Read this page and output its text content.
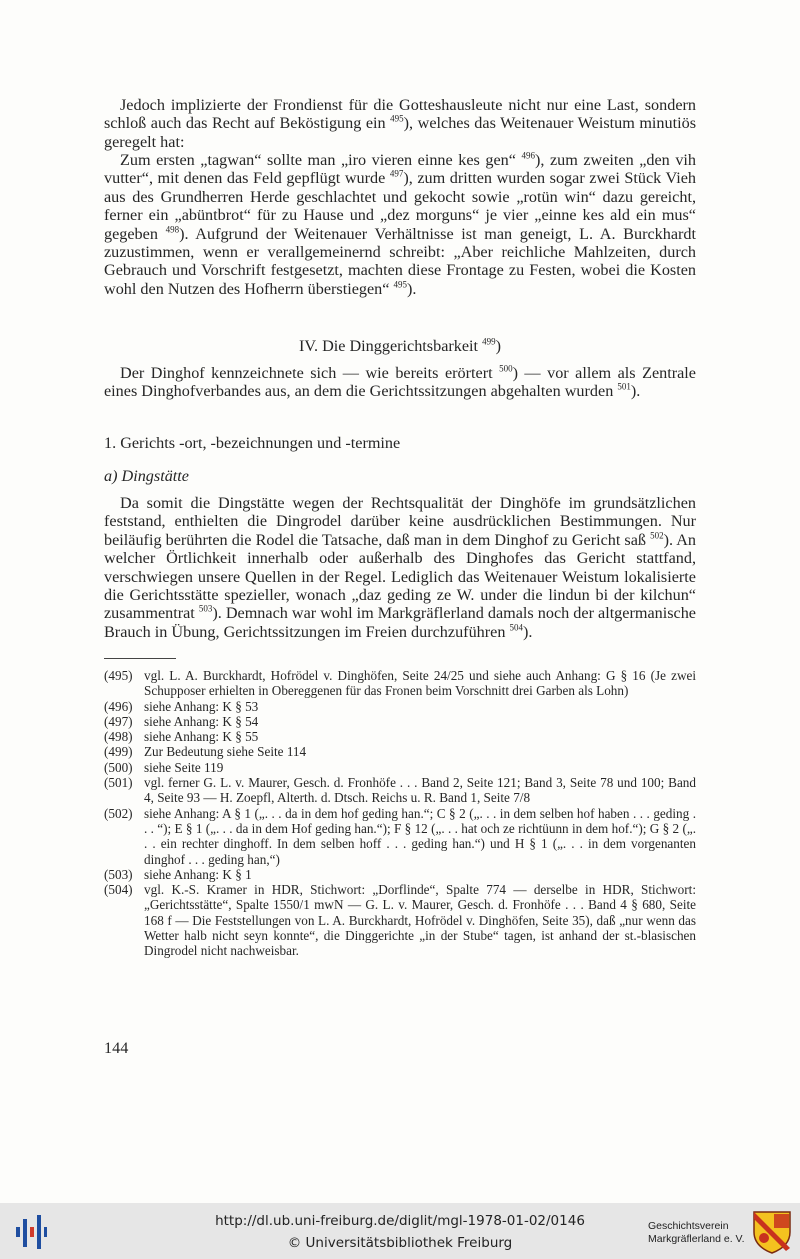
Jedoch implizierte der Frondienst für die Gotteshausleute nicht nur eine Last, sondern schloß auch das Recht auf Beköstigung ein $^{495}$), welches das Weitenauer Weistum minutiös geregelt hat:

Zum ersten „tagwan“ sollte man „iro vieren einne kes gen“ $^{496}$), zum zweiten „den vih vutter“, mit denen das Feld gepflügt wurde $^{497}$), zum dritten wurden sogar zwei Stück Vieh aus des Grundherren Herde geschlachtet und gekocht sowie „rotün win“ dazu gereicht, ferner ein „abüntbrot“ für zu Hause und „dez morguns“ je vier „einne kes ald ein mus“ gegeben $^{498}$). Aufgrund der Weitenauer Verhältnisse ist man geneigt, L. A. Burckhardt zuzustimmen, wenn er verallgemeinernd schreibt: „Aber reichliche Mahlzeiten, durch Gebrauch und Vorschrift festgesetzt, machten diese Frontage zu Festen, wobei die Kosten wohl den Nutzen des Hofherrn überstiegen“ $^{495}$).

IV. Die Dinggerichtsbarkeit $^{499}$)

Der Dinghof kennzeichnete sich — wie bereits erörtert $^{500}$) — vor allem als Zentrale eines Dinghofverbandes aus, an dem die Gerichtssitzungen abgehalten wurden $^{501}$).

1. Gerichts -ort, -bezeichnungen und -termine
a) Dingstätte

Da somit die Dingstätte wegen der Rechtsqualität der Dinghöfe im grundsätzlichen feststand, enthielten die Dingrodel darüber keine ausdrücklichen Bestimmungen. Nur beiläufig berührten die Rodel die Tatsache, daß man in dem Dinghof zu Gericht saß $^{502}$). An welcher Örtlichkeit innerhalb oder außerhalb des Dinghofes das Gericht stattfand, verschwiegen unsere Quellen in der Regel. Lediglich das Weitenauer Weistum lokalisierte die Gerichtsstätte spezieller, wonach „daz geding ze W. under die lindun bi der kilchun“ zusammentrat $^{503}$). Demnach war wohl im Markgräflerland damals noch der altgermanische Brauch in Übung, Gerichtssitzungen im Freien durchzuführen $^{504}$).

(495) vgl. L. A. Burckhardt, Hofrödel v. Dinghöfen, Seite 24/25 und siehe auch Anhang: G § 16 (Je zwei Schupposer erhielten in Obereggenen für das Fronen beim Vorschnitt drei Garben als Lohn)
(496) siehe Anhang: K § 53
(497) siehe Anhang: K § 54
(498) siehe Anhang: K § 55
(499) Zur Bedeutung siehe Seite 114
(500) siehe Seite 119
(501) vgl. ferner G. L. v. Maurer, Gesch. d. Fronhöfe . . . Band 2, Seite 121; Band 3, Seite 78 und 100; Band 4, Seite 93 — H. Zoepfl, Alterth. d. Dtsch. Reichs u. R. Band 1, Seite 7/8
(502) siehe Anhang: A § 1 („. . . da in dem hof geding han.“; C § 2 („. . . in dem selben hof haben . . . geding . . . “); E § 1 („. . . da in dem Hof geding han.“); F § 12 („. . . hat och ze richtüunn in dem hof.“); G § 2 („. . . ein rechter dinghoff. In dem selben hoff . . . geding han.“) und H § 1 („. . . in dem vorgenanten dinghof . . . geding han,“)
(503) siehe Anhang: K § 1
(504) vgl. K.-S. Kramer in HDR, Stichwort: „Dorflinde“, Spalte 774 — derselbe in HDR, Stichwort: „Gerichtsstätte“, Spalte 1550/1 mwN — G. L. v. Maurer, Gesch. d. Fronhöfe . . . Band 4 § 680, Seite 168 f — Die Feststellungen von L. A. Burckhardt, Hofrödel v. Dinghöfen, Seite 35), daß „nur wenn das Wetter halb nicht seyn konnte“, die Dinggerichte „in der Stube“ tagen, ist anhand der st.-blasischen Dingrodel nicht nachweisbar.
144
http://dl.ub.uni-freiburg.de/diglit/mgl-1978-01-02/0146
© Universitätsbibliothek Freiburg
Geschichtsverein
Markgräflerland e. V.
